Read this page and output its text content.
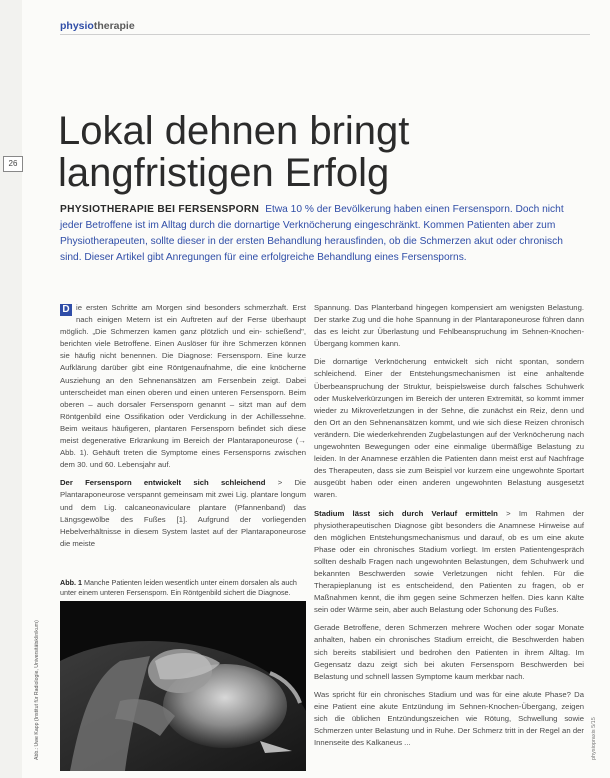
physiotherapie
26
Lokal dehnen bringt
langfristigen Erfolg
PHYSIOTHERAPIE BEI FERSENSPORN Etwa 10 % der Bevölkerung haben einen Fersensporn. Doch nicht jeder Betroffene ist im Alltag durch die dornartige Verknöcherung eingeschränkt. Kommen Patienten aber zum Physiotherapeuten, sollte dieser in der ersten Behandlung herausfinden, ob die Schmerzen akut oder chronisch sind. Dieser Artikel gibt Anregungen für eine erfolgreiche Behandlung eines Fersensporns.

D ie ersten Schritte am Morgen sind besonders schmerzhaft. Erst nach einigen Metern ist ein Auftreten auf der Ferse überhaupt möglich. „Die Schmerzen kamen ganz plötzlich und ein- schießend", berichten viele Betroffene. Einen Auslöser für ihre Schmerzen können sie häufig nicht benennen. Die Diagnose: Fersensporn. Eine kurze Aufklärung darüber gibt eine Röntgenaufnahme, die eine knöcherne Ausziehung an den Sehnenansätzen am Fersenbein zeigt. Dabei unterscheidet man einen oberen und einen unteren Fersensporn. Beim oberen – auch dorsaler Fersensporn genannt – sitzt man auf dem Röntgenbild eine Ossifikation oder Verdickung in der Achillessehne. Beim weitaus häufigeren, plantaren Fersensporn befindet sich diese meist degenerative Erkrankung im Bereich der Plantaraponeurose (→ Abb. 1). Gehäuft treten die Symptome eines Fersensporns zwischen dem 30. und 60. Lebensjahr auf.

Der Fersensporn entwickelt sich schleichend > Die Plantaraponeurose verspannt gemeinsam mit zwei Lig. plantare longum und dem Lig. calcaneonaviculare plantare (Pfannenband) das Längsgewölbe des Fußes [1]. Aufgrund der vorliegenden Hebelverhältnisse in diesem System lastet auf der Plantaraponeurose die meiste

Abb. 1 Manche Patienten leiden wesentlich unter einem dorsalen als auch unter einem unteren Fersensporn. Ein Röntgenbild sichert die Diagnose.
Abb.: Uwe Kapp (Institut für Radiologie, Universitätsklinikum)

Spannung. Das Planterband hingegen kompensiert am wenigsten Belastung. Der starke Zug und die hohe Spannung in der Plantaraponeurose führen dann das es leicht zur Überlastung und Fehlbeanspruchung im Sehnen-Knochen-Übergang kommen kann.

Die dornartige Verknöcherung entwickelt sich nicht spontan, sondern schleichend. Einer der Entstehungsmechanismen ist eine anhaltende Überbeanspruchung der Struktur, beispielsweise durch falsches Schuhwerk oder Muskelverkürzungen im Bereich der unteren Extremität, so kommt immer wieder zu Mikroverletzungen in der Sehne, die zunächst ein Reiz, denn und den Ort an den Sehnenansätzen kommt, und wie sich diese Reizen chronisch verändern. Die wiederkehrenden Zugbelastungen auf der Verknöcherung nach ungewohnten Bewegungen oder eine einmalige übermäßige Belastung zu leiden. In der Anamnese erzählen die Patienten dann meist erst auf Nachfrage des Therapeuten, dass sie zum Beispiel vor kurzem eine ungewohnte Sportart ausgeübt haben oder einen anderen ungewohnten Belastung ausgesetzt waren.

Stadium lässt sich durch Verlauf ermitteln > Im Rahmen der physiotherapeutischen Diagnose gibt besonders die Anamnese Hinweise auf den möglichen Entstehungsmechanismus und darauf, ob es um eine akute Phase oder ein chronisches Stadium vorliegt. Im ersten Patientengespräch sollten deshalb Fragen nach ungewohnten Belastungen, dem Schuhwerk und bekannten Beschwerden sowie Verletzungen nicht fehlen. Für die Therapieplanung ist es entscheidend, den Patienten zu fragen, ob er Maßnahmen kennt, die ihm gegen seine Schmerzen helfen. Dies kann Kälte sein oder Wärme sein, aber auch Belastung oder Schonung des Fußes.

Gerade Betroffene, deren Schmerzen mehrere Wochen oder sogar Monate anhalten, haben ein chronisches Stadium erreicht, die Beschwerden haben sich bereits stabilisiert und bedrohen den Patienten in ihrem Alltag. Im Gegensatz dazu zeigt sich bei akuten Fersensporn Beschwerden bei Belastung und schnell lassen Symptome kaum merkbar nach.

Was spricht für ein chronisches Stadium und was für eine akute Phase? Da eine Patient eine akute Entzündung im Sehnen-Knochen-Übergang, zeigen sich die üblichen Entzündungszeichen wie Rötung, Schwellung sowie Schmerzen unter Belastung und in Ruhe. Der Schmerz tritt in der Regel an der Innenseite des Kalkaneus ...	physiopraxis 5/15
